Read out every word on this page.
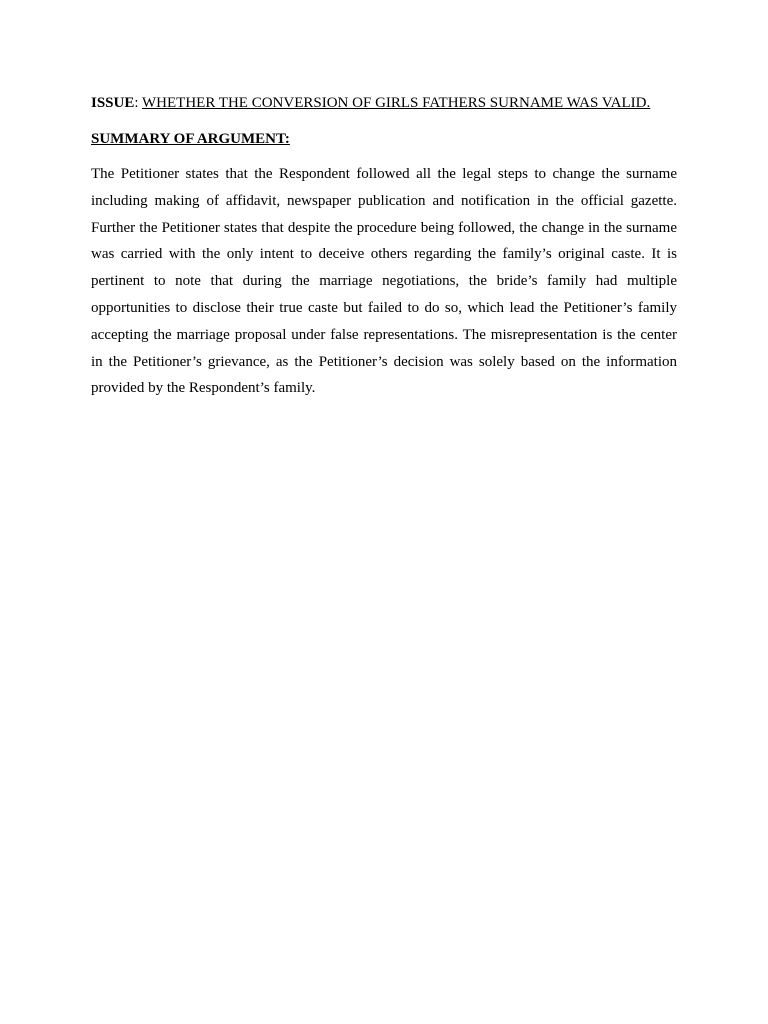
ISSUE: WHETHER THE CONVERSION OF GIRLS FATHERS SURNAME WAS VALID.

SUMMARY OF ARGUMENT:

The Petitioner states that the Respondent followed all the legal steps to change the surname including making of affidavit, newspaper publication and notification in the official gazette. Further the Petitioner states that despite the procedure being followed, the change in the surname was carried with the only intent to deceive others regarding the family’s original caste. It is pertinent to note that during the marriage negotiations, the bride’s family had multiple opportunities to disclose their true caste but failed to do so, which lead the Petitioner’s family accepting the marriage proposal under false representations. The misrepresentation is the center in the Petitioner’s grievance, as the Petitioner’s decision was solely based on the information provided by the Respondent’s family.
